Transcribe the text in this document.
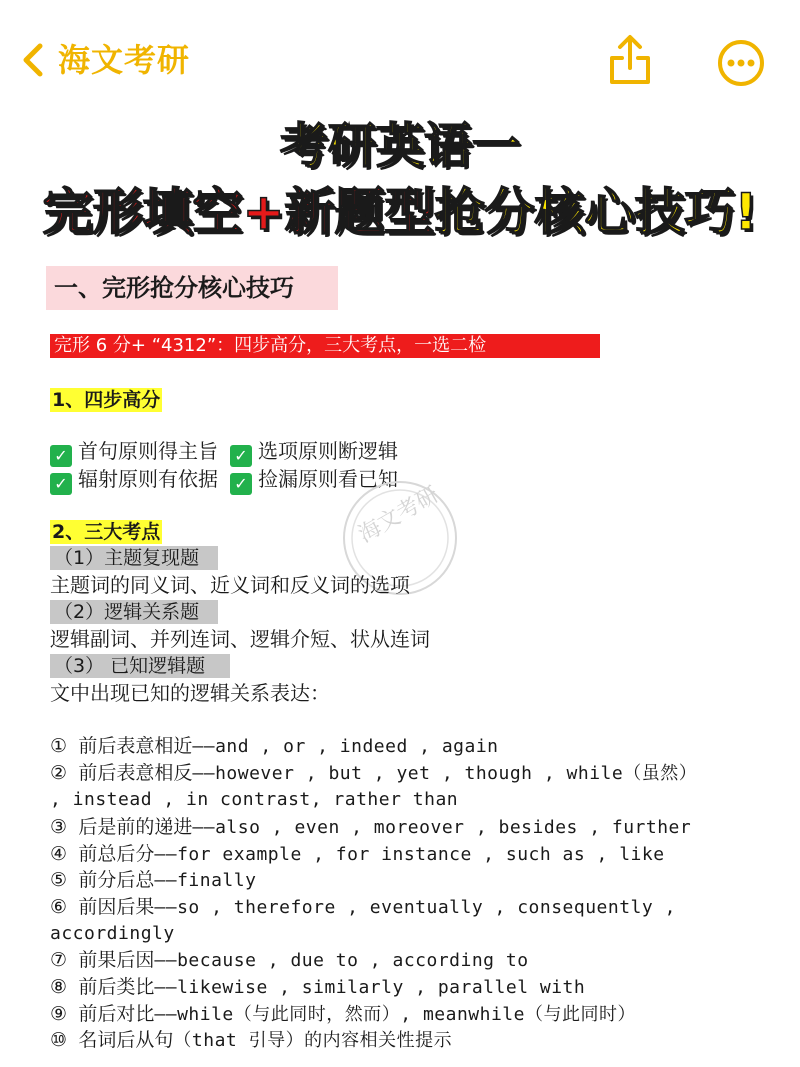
海文考研
考研英语一
完形填空+新题型抢分核心技巧!
一、完形抢分核心技巧
完形 6 分+ “4312”：四步高分，三大考点，一选二检
1、四步高分
✓ 首句原则得主旨 ✓ 选项原则断逻辑
✓ 辐射原则有依据 ✓ 捡漏原则看已知
海文考研
2、三大考点
（1）主题复现题
主题词的同义词、近义词和反义词的选项
（2）逻辑关系题
逻辑副词、并列连词、逻辑介短、状从连词
（3） 已知逻辑题
文中出现已知的逻辑关系表达：
① 前后表意相近——and , or , indeed , again
② 前后表意相反——however , but , yet , though , while（虽然）
, instead , in contrast, rather than
③ 后是前的递进——also , even , moreover , besides , further
④ 前总后分——for example , for instance , such as , like
⑤ 前分后总——finally
⑥ 前因后果——so , therefore , eventually , consequently ,
accordingly
⑦ 前果后因——because , due to , according to
⑧ 前后类比——likewise , similarly , parallel with
⑨ 前后对比——while（与此同时，然而）, meanwhile（与此同时）
⑩ 名词后从句（that 引导）的内容相关性提示
